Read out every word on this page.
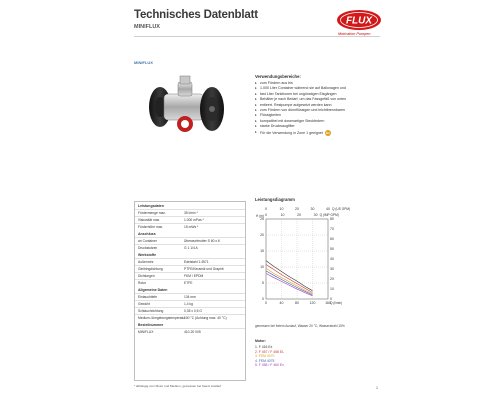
Technisches Datenblatt
MINIFLUX
FLUX
Motivation Pumpen
MINIFLUX
Verwendungsbereiche:
▸ zum Fördern aus bis
▸ 1.000 Liter Container während sie auf Ballonagen und
▸ fast Liter Tanktionen bei ungünstigen Eisgängen
▸ Behälter je nach Bedarf, um das Fassgefäß von unten
▸ entleert. Restpumpe aufgesetzt werden kann
▸ zum Fördern von dünnflüssigen und leichtbrennbaren
▸ Flüssigkeiten
▸ kompatibel mit dosenartiger Steckfedern
▸ starke Drucksaugfilter
▸ Für die Verwendung in Zone 1 geeignet Ex
Leistungsdaten
Fördermenge max.	35 l/min *
Viskosität max.	1.000 mPas *
Förderhöhe max.	15 mWs *
Anschluss
an Container	Überwurfmutter S 60 x 6
Druckstutzen	G 1 1/4 A
Werkstoffe
Außenrohr	Edelstahl 1.4571
Gleitringdichtung	PTFE/Keramik und Graphit
Dichtungen	FKM / EPDM
Rotor	ETFE
Allgemeine Daten
Eintauchtiefe	134 mm
Gewicht	1,4 kg
Schlauchrichtung	0,35 x 0,5 G
Medium-/Umgebungstemperatur
100 °C (Achtung max. 40 °C)
Bestellnummer
MINIFLUX	410-20 005
* abhängig vom Motor und Medium, gemessen bei freiem Auslauf
Leistungsdiagramm
0	40	80	120	160
0
5
10
15
20
25
0
10
20
30
40
50
60
70
80
0	10	20	30	40
0	10	20	30
Q (US GPM)
Q (IMP GPM)
Q (l/min)
H (m)
gemessen bei freiem Auslauf, Wasser 20 °C, Wasserstrahl 15%
Motor:
1. F 416 Ex
2. F 457 / F 458 EL
3. FEM 4070
4. FEM 4075
5. F 458 / F 460 Ex
1
